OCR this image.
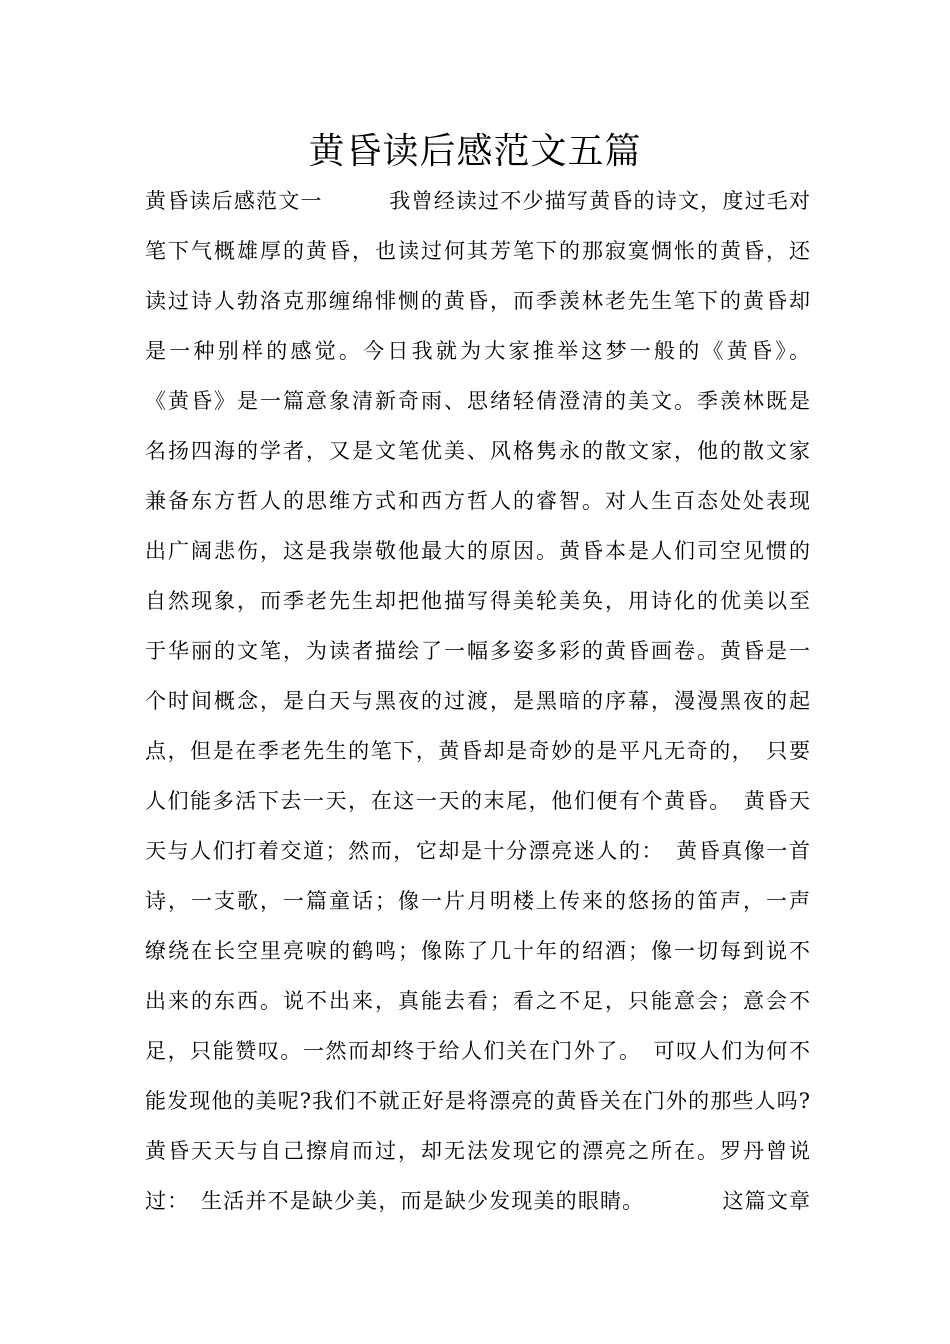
黄昏读后感范文五篇
黄昏读后感范文一　　　我曾经读过不少描写黄昏的诗文，度过毛对
笔下气概雄厚的黄昏，也读过何其芳笔下的那寂寞惆怅的黄昏，还
读过诗人勃洛克那缠绵悱恻的黄昏，而季羡林老先生笔下的黄昏却
是一种别样的感觉。今日我就为大家推举这梦一般的《黄昏》。
《黄昏》是一篇意象清新奇雨、思绪轻倩澄清的美文。季羡林既是
名扬四海的学者，又是文笔优美、风格隽永的散文家，他的散文家
兼备东方哲人的思维方式和西方哲人的睿智。对人生百态处处表现
出广阔悲伤，这是我崇敬他最大的原因。黄昏本是人们司空见惯的
自然现象，而季老先生却把他描写得美轮美奂，用诗化的优美以至
于华丽的文笔，为读者描绘了一幅多姿多彩的黄昏画卷。黄昏是一
个时间概念，是白天与黑夜的过渡，是黑暗的序幕，漫漫黑夜的起
点，但是在季老先生的笔下，黄昏却是奇妙的是平凡无奇的，　只要
人们能多活下去一天，在这一天的末尾，他们便有个黄昏。　黄昏天
天与人们打着交道；然而，它却是十分漂亮迷人的：　黄昏真像一首
诗，一支歌，一篇童话；像一片月明楼上传来的悠扬的笛声，一声
缭绕在长空里亮唳的鹤鸣；像陈了几十年的绍酒；像一切每到说不
出来的东西。说不出来，真能去看；看之不足，只能意会；意会不
足，只能赞叹。一然而却终于给人们关在门外了。　可叹人们为何不
能发现他的美呢?我们不就正好是将漂亮的黄昏关在门外的那些人吗?
黄昏天天与自己擦肩而过，却无法发现它的漂亮之所在。罗丹曾说
过：　生活并不是缺少美，而是缺少发现美的眼睛。　　　　这篇文章
